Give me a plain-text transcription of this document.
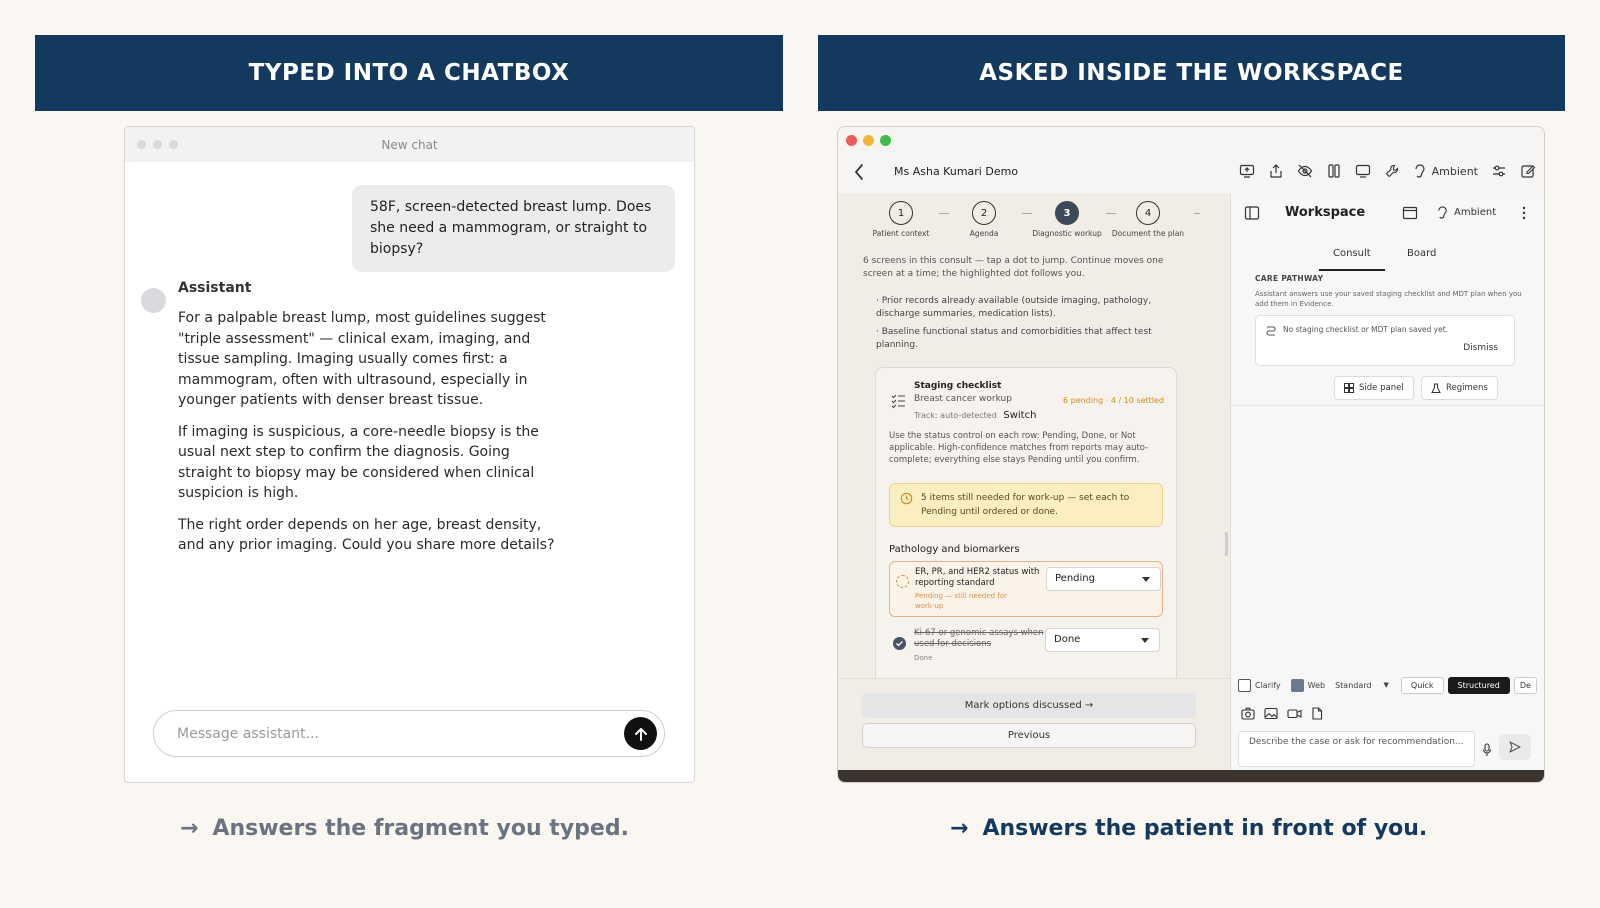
TYPED INTO A CHATBOX
New chat
58F, screen-detected breast lump. Does she need a mammogram, or straight to biopsy?
Assistant

For a palpable breast lump, most guidelines suggest "triple assessment" — clinical exam, imaging, and tissue sampling. Imaging usually comes first: a mammogram, often with ultrasound, especially in younger patients with denser breast tissue.

If imaging is suspicious, a core-needle biopsy is the usual next step to confirm the diagnosis. Going straight to biopsy may be considered when clinical suspicion is high.

The right order depends on her age, breast density, and any prior imaging. Could you share more details?

Message assistant...
→ Answers the fragment you typed.
ASKED INSIDE THE WORKSPACE
Ms Asha Kumari Demo	Ambient
1
Patient context
2
Agenda
3
Diagnostic workup
4
Document the plan
6 screens in this consult — tap a dot to jump. Continue moves one screen at a time; the highlighted dot follows you.

· Prior records already available (outside imaging, pathology, discharge summaries, medication lists).

· Baseline functional status and comorbidities that affect test planning.

Staging checklist
Breast cancer workup
Track: auto-detected Switch
6 pending · 4 / 10 settled
Use the status control on each row: Pending, Done, or Not applicable. High-confidence matches from reports may auto-complete; everything else stays Pending until you confirm.
5 items still needed for work-up — set each to Pending until ordered or done.
Pathology and biomarkers
ER, PR, and HER2 status with reporting standard
Pending — still needed for work-up
Pending
Ki-67 or genomic assays when used for decisions
Done
Done
Mark options discussed →
Previous
Workspace	Ambient
Consult	Board
CARE PATHWAY
Assistant answers use your saved staging checklist and MDT plan when you add them in Evidence.
No staging checklist or MDT plan saved yet.
Dismiss
Side panel	Regimens
Clarify	Web Standard ▼	Quick	Structured	De
Describe the case or ask for recommendation...
→ Answers the patient in front of you.
